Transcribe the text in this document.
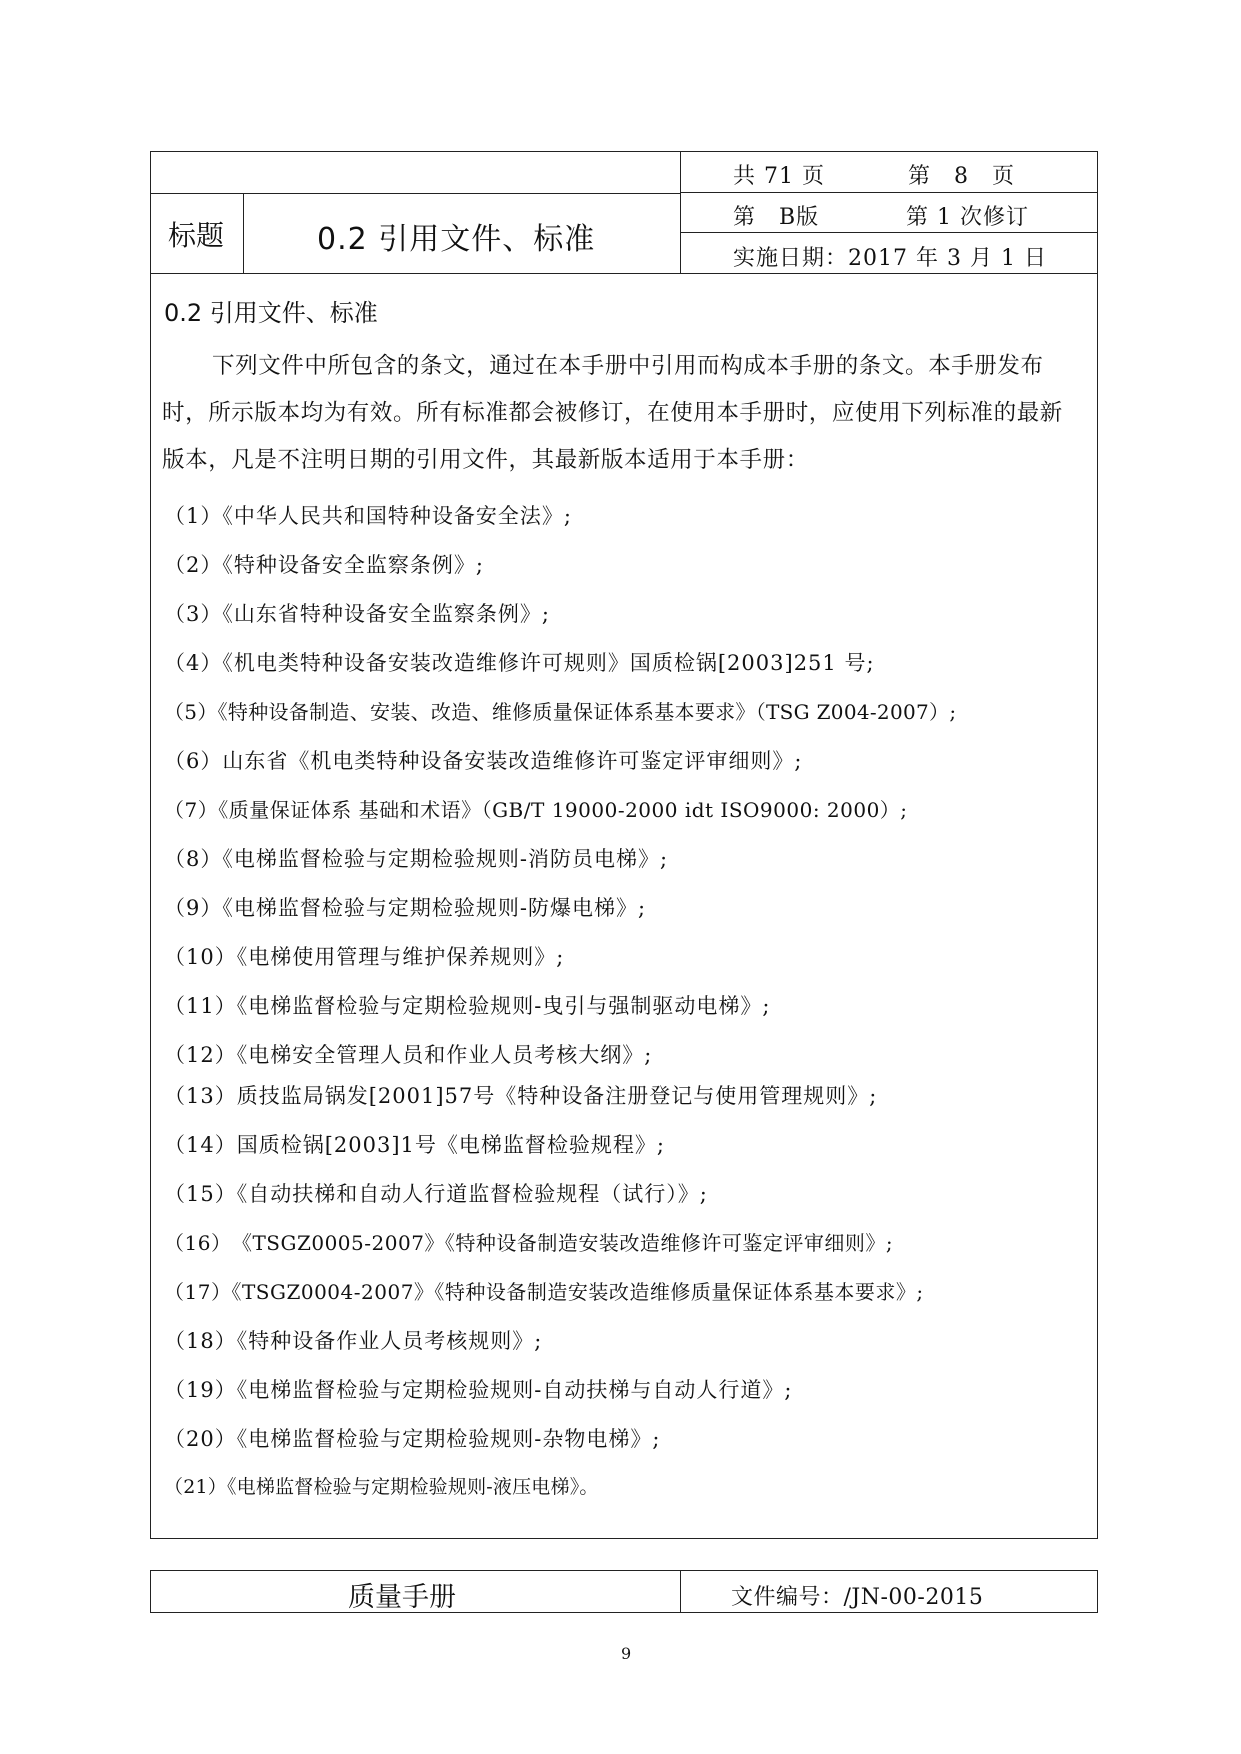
共 71 页	第　8　页
第　B版	第 1 次修订
实施日期：2017 年 3 月 1 日
标题	0.2 引用文件、标准
0.2 引用文件、标准
下列文件中所包含的条文，通过在本手册中引用而构成本手册的条文。本手册发布时，所示版本均为有效。所有标准都会被修订，在使用本手册时，应使用下列标准的最新版本，凡是不注明日期的引用文件，其最新版本适用于本手册：
（1）《中华人民共和国特种设备安全法》;
（2）《特种设备安全监察条例》;
（3）《山东省特种设备安全监察条例》;
（4）《机电类特种设备安装改造维修许可规则》国质检锅[2003]251 号;
（5）《特种设备制造、安装、改造、维修质量保证体系基本要求》（TSG Z004-2007）;
（6）山东省《机电类特种设备安装改造维修许可鉴定评审细则》;
（7）《质量保证体系 基础和术语》（GB/T 19000-2000 idt ISO9000: 2000）;
（8）《电梯监督检验与定期检验规则-消防员电梯》;
（9）《电梯监督检验与定期检验规则-防爆电梯》;
（10）《电梯使用管理与维护保养规则》;
（11）《电梯监督检验与定期检验规则-曳引与强制驱动电梯》;
（12）《电梯安全管理人员和作业人员考核大纲》;
（13）质技监局锅发[2001]57号《特种设备注册登记与使用管理规则》;
（14）国质检锅[2003]1号《电梯监督检验规程》;
（15）《自动扶梯和自动人行道监督检验规程（试行）》;
（16）　《TSGZ0005-2007》《特种设备制造安装改造维修许可鉴定评审细则》;
（17）《TSGZ0004-2007》《特种设备制造安装改造维修质量保证体系基本要求》;
（18）《特种设备作业人员考核规则》;
（19）《电梯监督检验与定期检验规则-自动扶梯与自动人行道》;
（20）《电梯监督检验与定期检验规则-杂物电梯》;
（21）《电梯监督检验与定期检验规则-液压电梯》。
质量手册	文件编号：/JN-00-2015
9
